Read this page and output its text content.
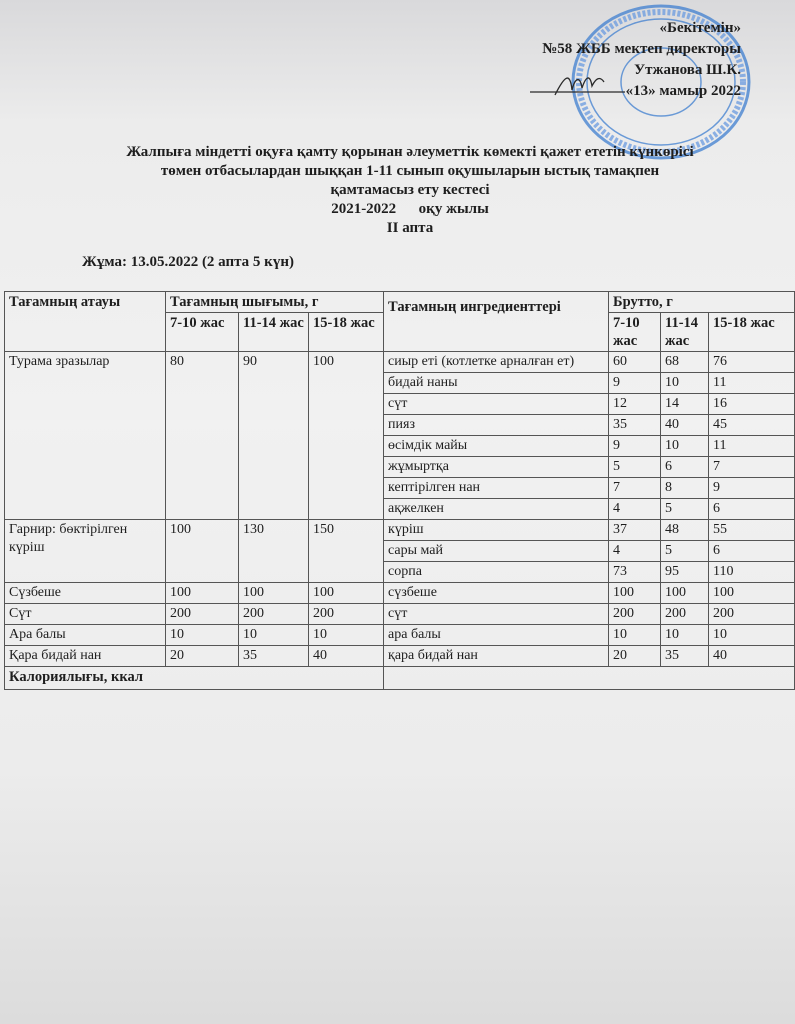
«Бекітемін»
№58 ЖББ мектеп директоры
Утжанова Ш.К.
«13» мамыр 2022
Жалпыға міндетті оқуға қамту қорынан әлеуметтік көмекті қажет ететін күнкөрісі
төмен отбасылардан шыққан 1-11 сынып оқушыларын ыстық тамақпен
қамтамасыз ету кестесі
2021-2022      оқу жылы
ІІ апта
Жұма: 13.05.2022 (2 апта 5 күн)
Тағамның атауы	Тағамның шығымы, г			Тағамның ингредиенттері	Брутто, г		
	7-10 жас	11-14 жас	15-18 жас		7-10 жас	11-14 жас	15-18 жас
Турама зразылар	80	90	100	сиыр еті (котлетке арналған ет)	60	68	76
				бидай наны	9	10	11
				сүт	12	14	16
				пияз	35	40	45
				өсімдік майы	9	10	11
				жұмыртқа	5	6	7
				кептірілген нан	7	8	9
				ақжелкен	4	5	6
Гарнир: бөктірілген күріш	100	130	150	күріш	37	48	55
				сары май	4	5	6
				сорпа	73	95	110
Сүзбеше	100	100	100	сүзбеше	100	100	100
Сүт	200	200	200	сүт	200	200	200
Ара балы	10	10	10	ара балы	10	10	10
Қара бидай нан	20	35	40	қара бидай нан	20	35	40
Калориялығы, ккал							
